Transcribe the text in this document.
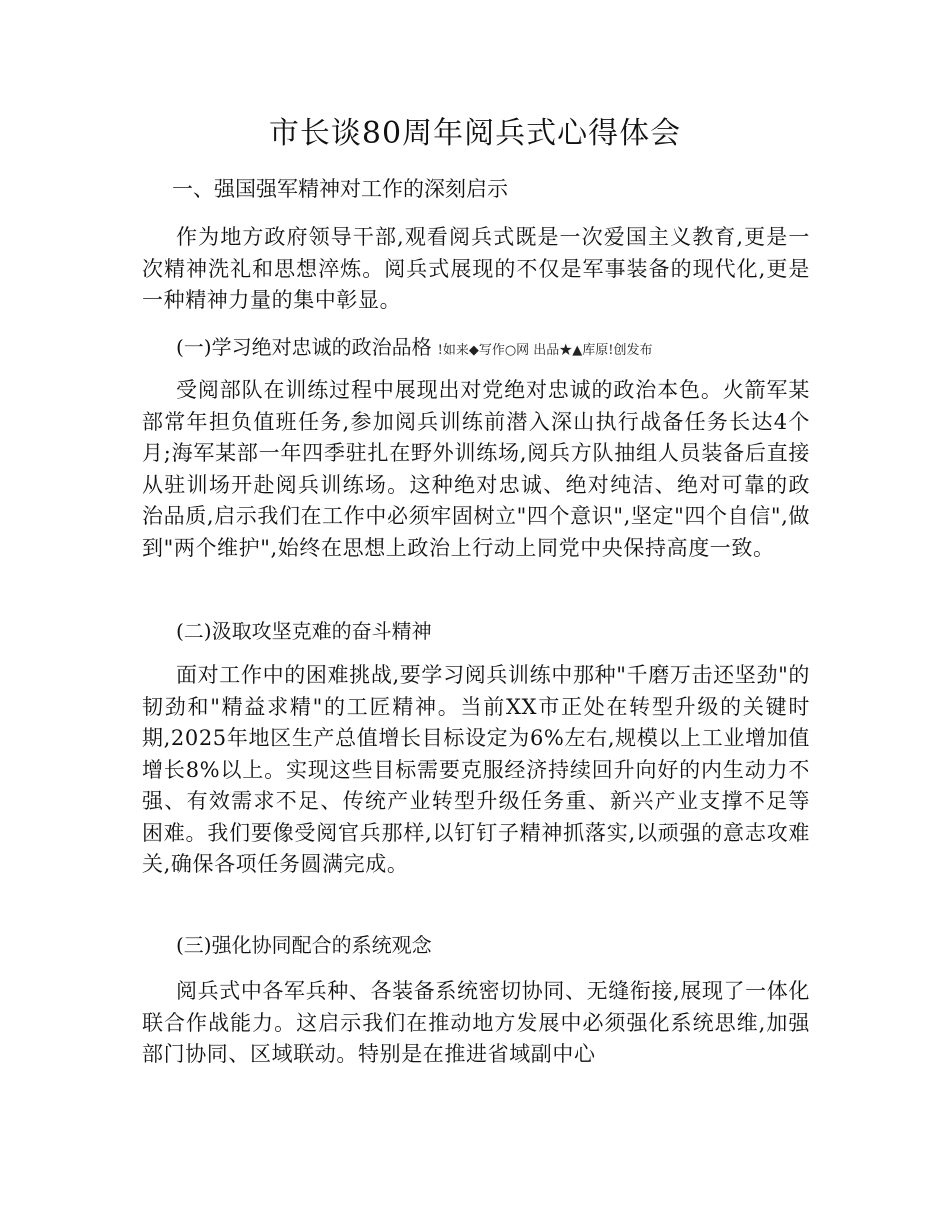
市长谈80周年阅兵式心得体会
一、强国强军精神对工作的深刻启示

作为地方政府领导干部,观看阅兵式既是一次爱国主义教育,更是一次精神洗礼和思想淬炼。阅兵式展现的不仅是军事装备的现代化,更是一种精神力量的集中彰显。

(一)学习绝对忠诚的政治品格 !如来◆写作○网 出品★▲库原!创发布

受阅部队在训练过程中展现出对党绝对忠诚的政治本色。火箭军某部常年担负值班任务,参加阅兵训练前潜入深山执行战备任务长达4个月;海军某部一年四季驻扎在野外训练场,阅兵方队抽组人员装备后直接从驻训场开赴阅兵训练场。这种绝对忠诚、绝对纯洁、绝对可靠的政治品质,启示我们在工作中必须牢固树立"四个意识",坚定"四个自信",做到"两个维护",始终在思想上政治上行动上同党中央保持高度一致。

(二)汲取攻坚克难的奋斗精神

面对工作中的困难挑战,要学习阅兵训练中那种"千磨万击还坚劲"的韧劲和"精益求精"的工匠精神。当前XX市正处在转型升级的关键时期,2025年地区生产总值增长目标设定为6%左右,规模以上工业增加值增长8%以上。实现这些目标需要克服经济持续回升向好的内生动力不强、有效需求不足、传统产业转型升级任务重、新兴产业支撑不足等困难。我们要像受阅官兵那样,以钉钉子精神抓落实,以顽强的意志攻难关,确保各项任务圆满完成。

(三)强化协同配合的系统观念

阅兵式中各军兵种、各装备系统密切协同、无缝衔接,展现了一体化联合作战能力。这启示我们在推动地方发展中必须强化系统思维,加强部门协同、区域联动。特别是在推进省域副中心
